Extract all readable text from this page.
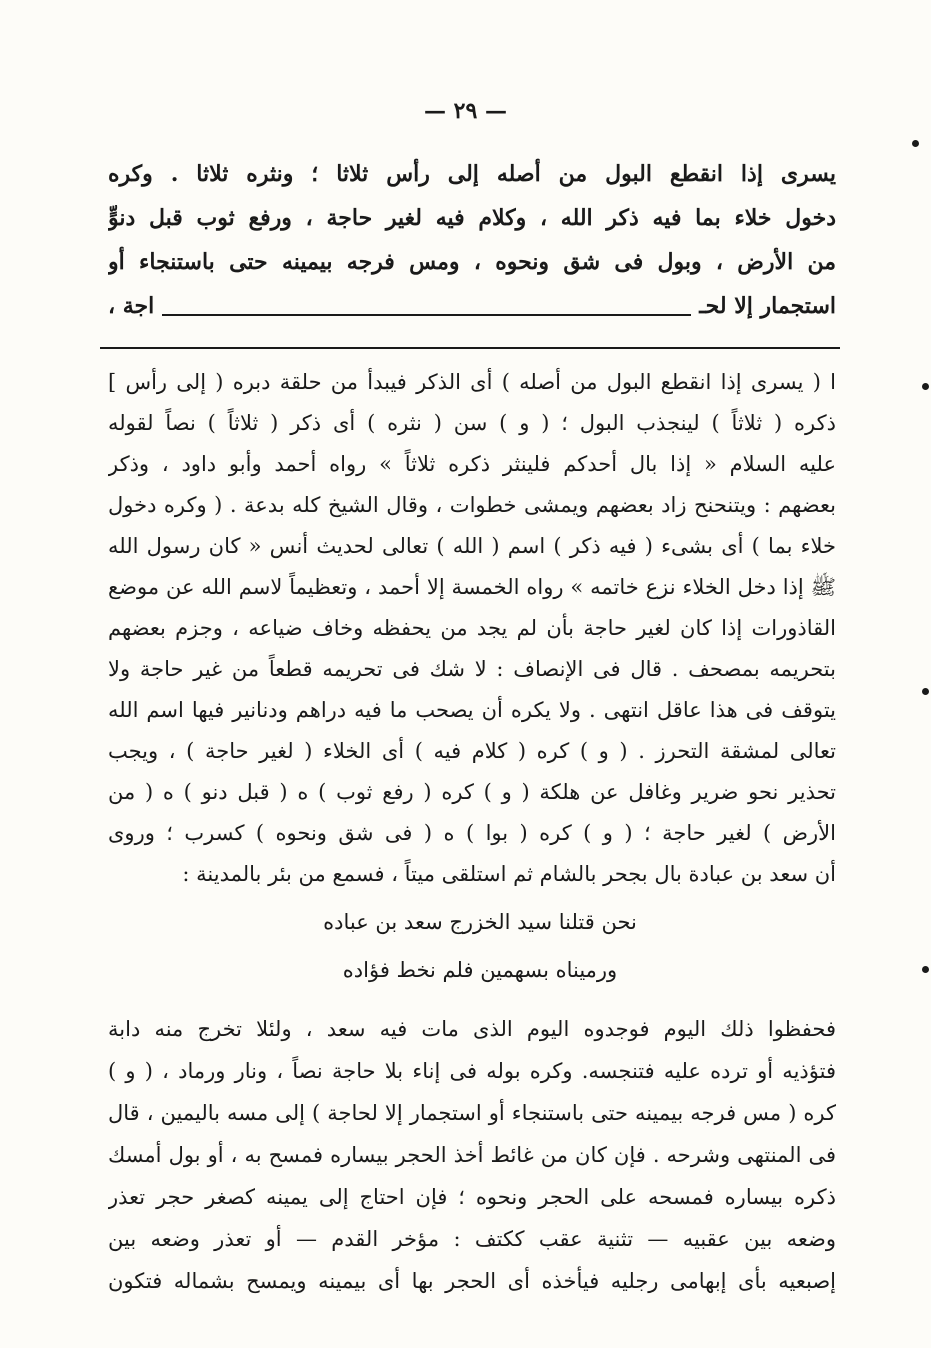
— ٢٩ —
يسرى إذا انقطع البول من أصله إلى رأس ثلاثا ؛ ونثره ثلاثا . وكره
دخول خلاء بما فيه ذكر الله ، وكلام فيه لغير حاجة ، ورفع ثوب قبل دنوٍّ
من الأرض ، وبول فى شق ونحوه ، ومس فرجه بيمينه حتى باستنجاء أو
استجمار إلا لحـ
اجة ،
ا ( يسرى إذا انقطع البول من أصله ) أى الذكر فيبدأ من حلقة دبره ( إلى رأس ]
ذكره ( ثلاثاً ) لينجذب البول ؛ ( و ) سن ( نثره ) أى ذكر ( ثلاثاً ) نصاً لقوله
عليه السلام « إذا بال أحدكم فلينثر ذكره ثلاثاً » رواه أحمد وأبو داود ، وذكر
بعضهم : ويتنحنح زاد بعضهم ويمشى خطوات ، وقال الشيخ كله بدعة . ( وكره دخول
خلاء بما ) أى بشىء ( فيه ذكر ) اسم ( الله ) تعالى لحديث أنس « كان رسول الله
ﷺ إذا دخل الخلاء نزع خاتمه » رواه الخمسة إلا أحمد ، وتعظيماً لاسم الله عن موضع
القاذورات إذا كان لغير حاجة بأن لم يجد من يحفظه وخاف ضياعه ، وجزم بعضهم
بتحريمه بمصحف . قال فى الإنصاف : لا شك فى تحريمه قطعاً من غير حاجة ولا
يتوقف فى هذا عاقل انتهى . ولا يكره أن يصحب ما فيه دراهم ودنانير فيها اسم الله
تعالى لمشقة التحرز . ( و ) كره ( كلام فيه ) أى الخلاء ( لغير حاجة ) ، ويجب
تحذير نحو ضرير وغافل عن هلكة ( و ) كره ( رفع ثوب ) ه ( قبل دنو ) ه ( من
الأرض ) لغير حاجة ؛ ( و ) كره ( بوا ) ه ( فى شق ونحوه ) كسرب ؛ وروى
أن سعد بن عبادة بال بجحر بالشام ثم استلقى ميتاً ، فسمع من بئر بالمدينة :
نحن قتلنا سيد الخزرج سعد بن عباده
ورميناه بسهمين فلم نخط فؤاده
فحفظوا ذلك اليوم فوجدوه اليوم الذى مات فيه سعد ، ولئلا تخرج منه دابة
فتؤذيه أو ترده عليه فتنجسه. وكره بوله فى إناء بلا حاجة نصاً ، ونار ورماد ، ( و )
كره ( مس فرجه بيمينه حتى باستنجاء أو استجمار إلا لحاجة ) إلى مسه باليمين ، قال
فى المنتهى وشرحه . فإن كان من غائط أخذ الحجر بيساره فمسح به ، أو بول أمسك
ذكره بيساره فمسحه على الحجر ونحوه ؛ فإن احتاج إلى يمينه كصغر حجر تعذر
وضعه بين عقبيه — تثنية عقب ككتف : مؤخر القدم — أو تعذر وضعه بين
إصبعيه بأى إبهامى رجليه فيأخذه أى الحجر بها أى بيمينه ويمسح بشماله فتكون
